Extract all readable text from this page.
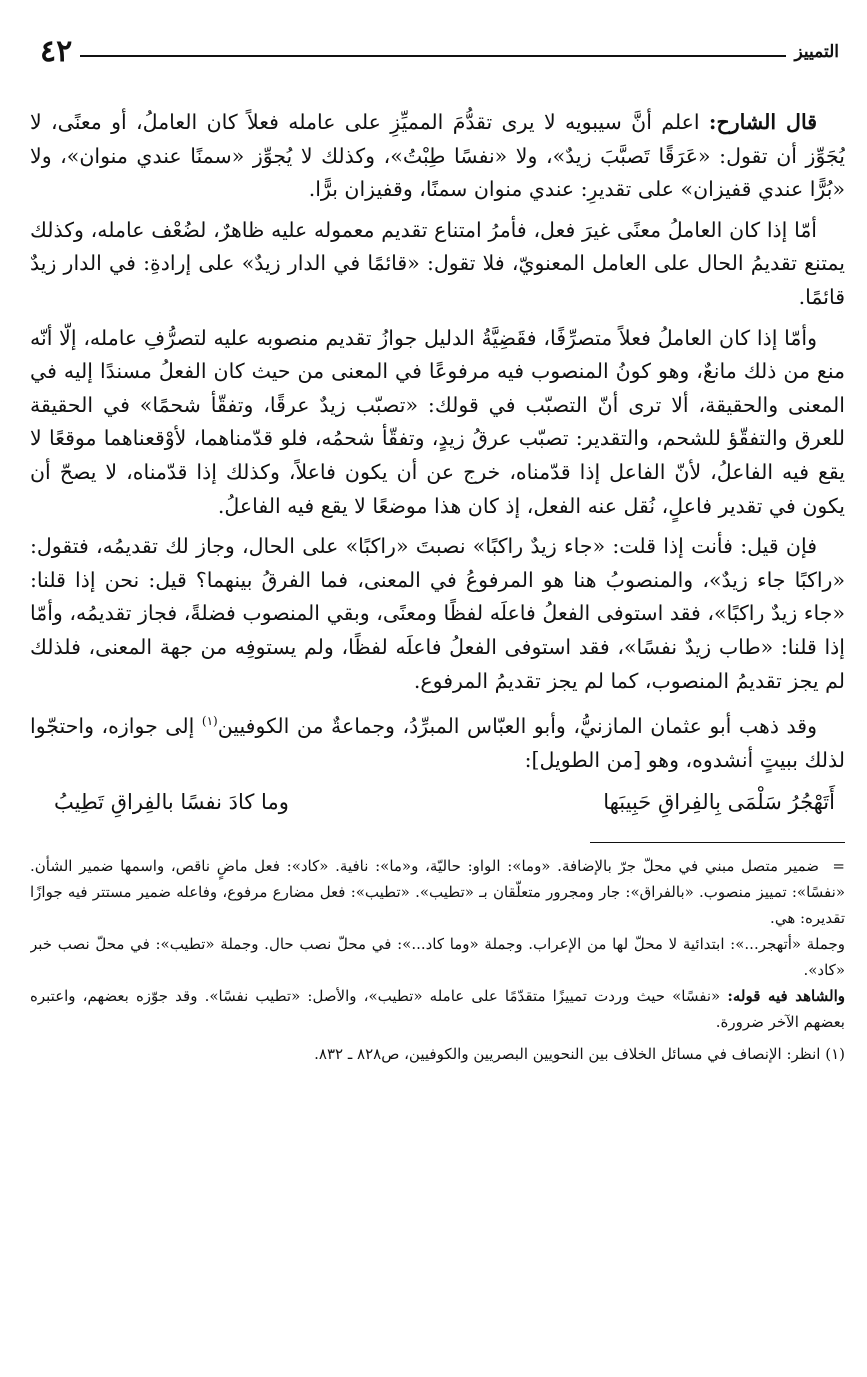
التمييز
٤٢

قال الشارح: اعلم أنَّ سيبويه لا يرى تقدُّمَ المميِّزِ على عامله فعلاً كان العاملُ، أو معنًى، لا يُجَوِّز أن تقول: «عَرَقًا تَصبَّبَ زيدٌ»، ولا «نفسًا طِبْتُ»، وكذلك لا يُجوِّز «سمنًا عندي منوان»، ولا «بُرًّا عندي قفيزان» على تقديرِ: عندي منوان سمنًا، وقفيزان برًّا.

أمّا إذا كان العاملُ معنًى غيرَ فعل، فأمرُ امتناع تقديم معموله عليه ظاهرٌ، لضُعْف عامله، وكذلك يمتنع تقديمُ الحال على العامل المعنويّ، فلا تقول: «قائمًا في الدار زيدٌ» على إرادةِ: في الدار زيدٌ قائمًا.

وأمّا إذا كان العاملُ فعلاً متصرِّفًا، فقَضِيَّةُ الدليل جوازُ تقديم منصوبه عليه لتصرُّفِ عامله، إلّا أنّه منع من ذلك مانعٌ، وهو كونُ المنصوب فيه مرفوعًا في المعنى من حيث كان الفعلُ مسندًا إليه في المعنى والحقيقة، ألا ترى أنّ التصبّب في قولك: «تصبّب زيدٌ عرقًا، وتفقّأ شحمًا» في الحقيقة للعرق والتفقّؤ للشحم، والتقدير: تصبّب عرقُ زيدٍ، وتفقّأ شحمُه، فلو قدّمناهما، لأوْقعناهما موقعًا لا يقع فيه الفاعلُ، لأنّ الفاعل إذا قدّمناه، خرج عن أن يكون فاعلاً، وكذلك إذا قدّمناه، لا يصحّ أن يكون في تقدير فاعلٍ، نُقل عنه الفعل، إذ كان هذا موضعًا لا يقع فيه الفاعلُ.

فإن قيل: فأنت إذا قلت: «جاء زيدٌ راكبًا» نصبتَ «راكبًا» على الحال، وجاز لك تقديمُه، فتقول: «راكبًا جاء زيدٌ»، والمنصوبُ هنا هو المرفوعُ في المعنى، فما الفرقُ بينهما؟ قيل: نحن إذا قلنا: «جاء زيدٌ راكبًا»، فقد استوفى الفعلُ فاعلَه لفظًا ومعنًى، وبقي المنصوب فضلةً، فجاز تقديمُه، وأمّا إذا قلنا: «طاب زيدٌ نفسًا»، فقد استوفى الفعلُ فاعلَه لفظًا، ولم يستوفِه من جهة المعنى، فلذلك لم يجز تقديمُ المنصوب، كما لم يجز تقديمُ المرفوع.

وقد ذهب أبو عثمان المازنيُّ، وأبو العبّاس المبرِّدُ، وجماعةٌ من الكوفيين$^{(١)}$ إلى جوازه، واحتجّوا لذلك ببيتٍ أنشدوه، وهو [من الطويل]:

أَتَهْجُرُ سَلْمَى بِالفِراقِ حَبِيبَها
وما كادَ نفسًا بالفِراقِ تَطِيبُ

=ضمير متصل مبني في محلّ جرّ بالإضافة. «وما»: الواو: حاليّة، و«ما»: نافية. «كاد»: فعل ماضٍ ناقص، واسمها ضمير الشأن. «نفسًا»: تمييز منصوب. «بالفراق»: جار ومجرور متعلّقان بـ «تطيب». «تطيب»: فعل مضارع مرفوع، وفاعله ضمير مستتر فيه جوازًا تقديره: هي.

وجملة «أتهجر...»: ابتدائية لا محلّ لها من الإعراب. وجملة «وما كاد...»: في محلّ نصب حال. وجملة «تطيب»: في محلّ نصب خبر «كاد».

والشاهد فيه قوله: «نفسًا» حيث وردت تمييزًا متقدّمًا على عامله «تطيب»، والأصل: «تطيب نفسًا». وقد جوّزه بعضهم، واعتبره بعضهم الآخر ضرورة.

(١) انظر: الإنصاف في مسائل الخلاف بين النحويين البصريين والكوفيين، ص٨٢٨ ـ ٨٣٢.
